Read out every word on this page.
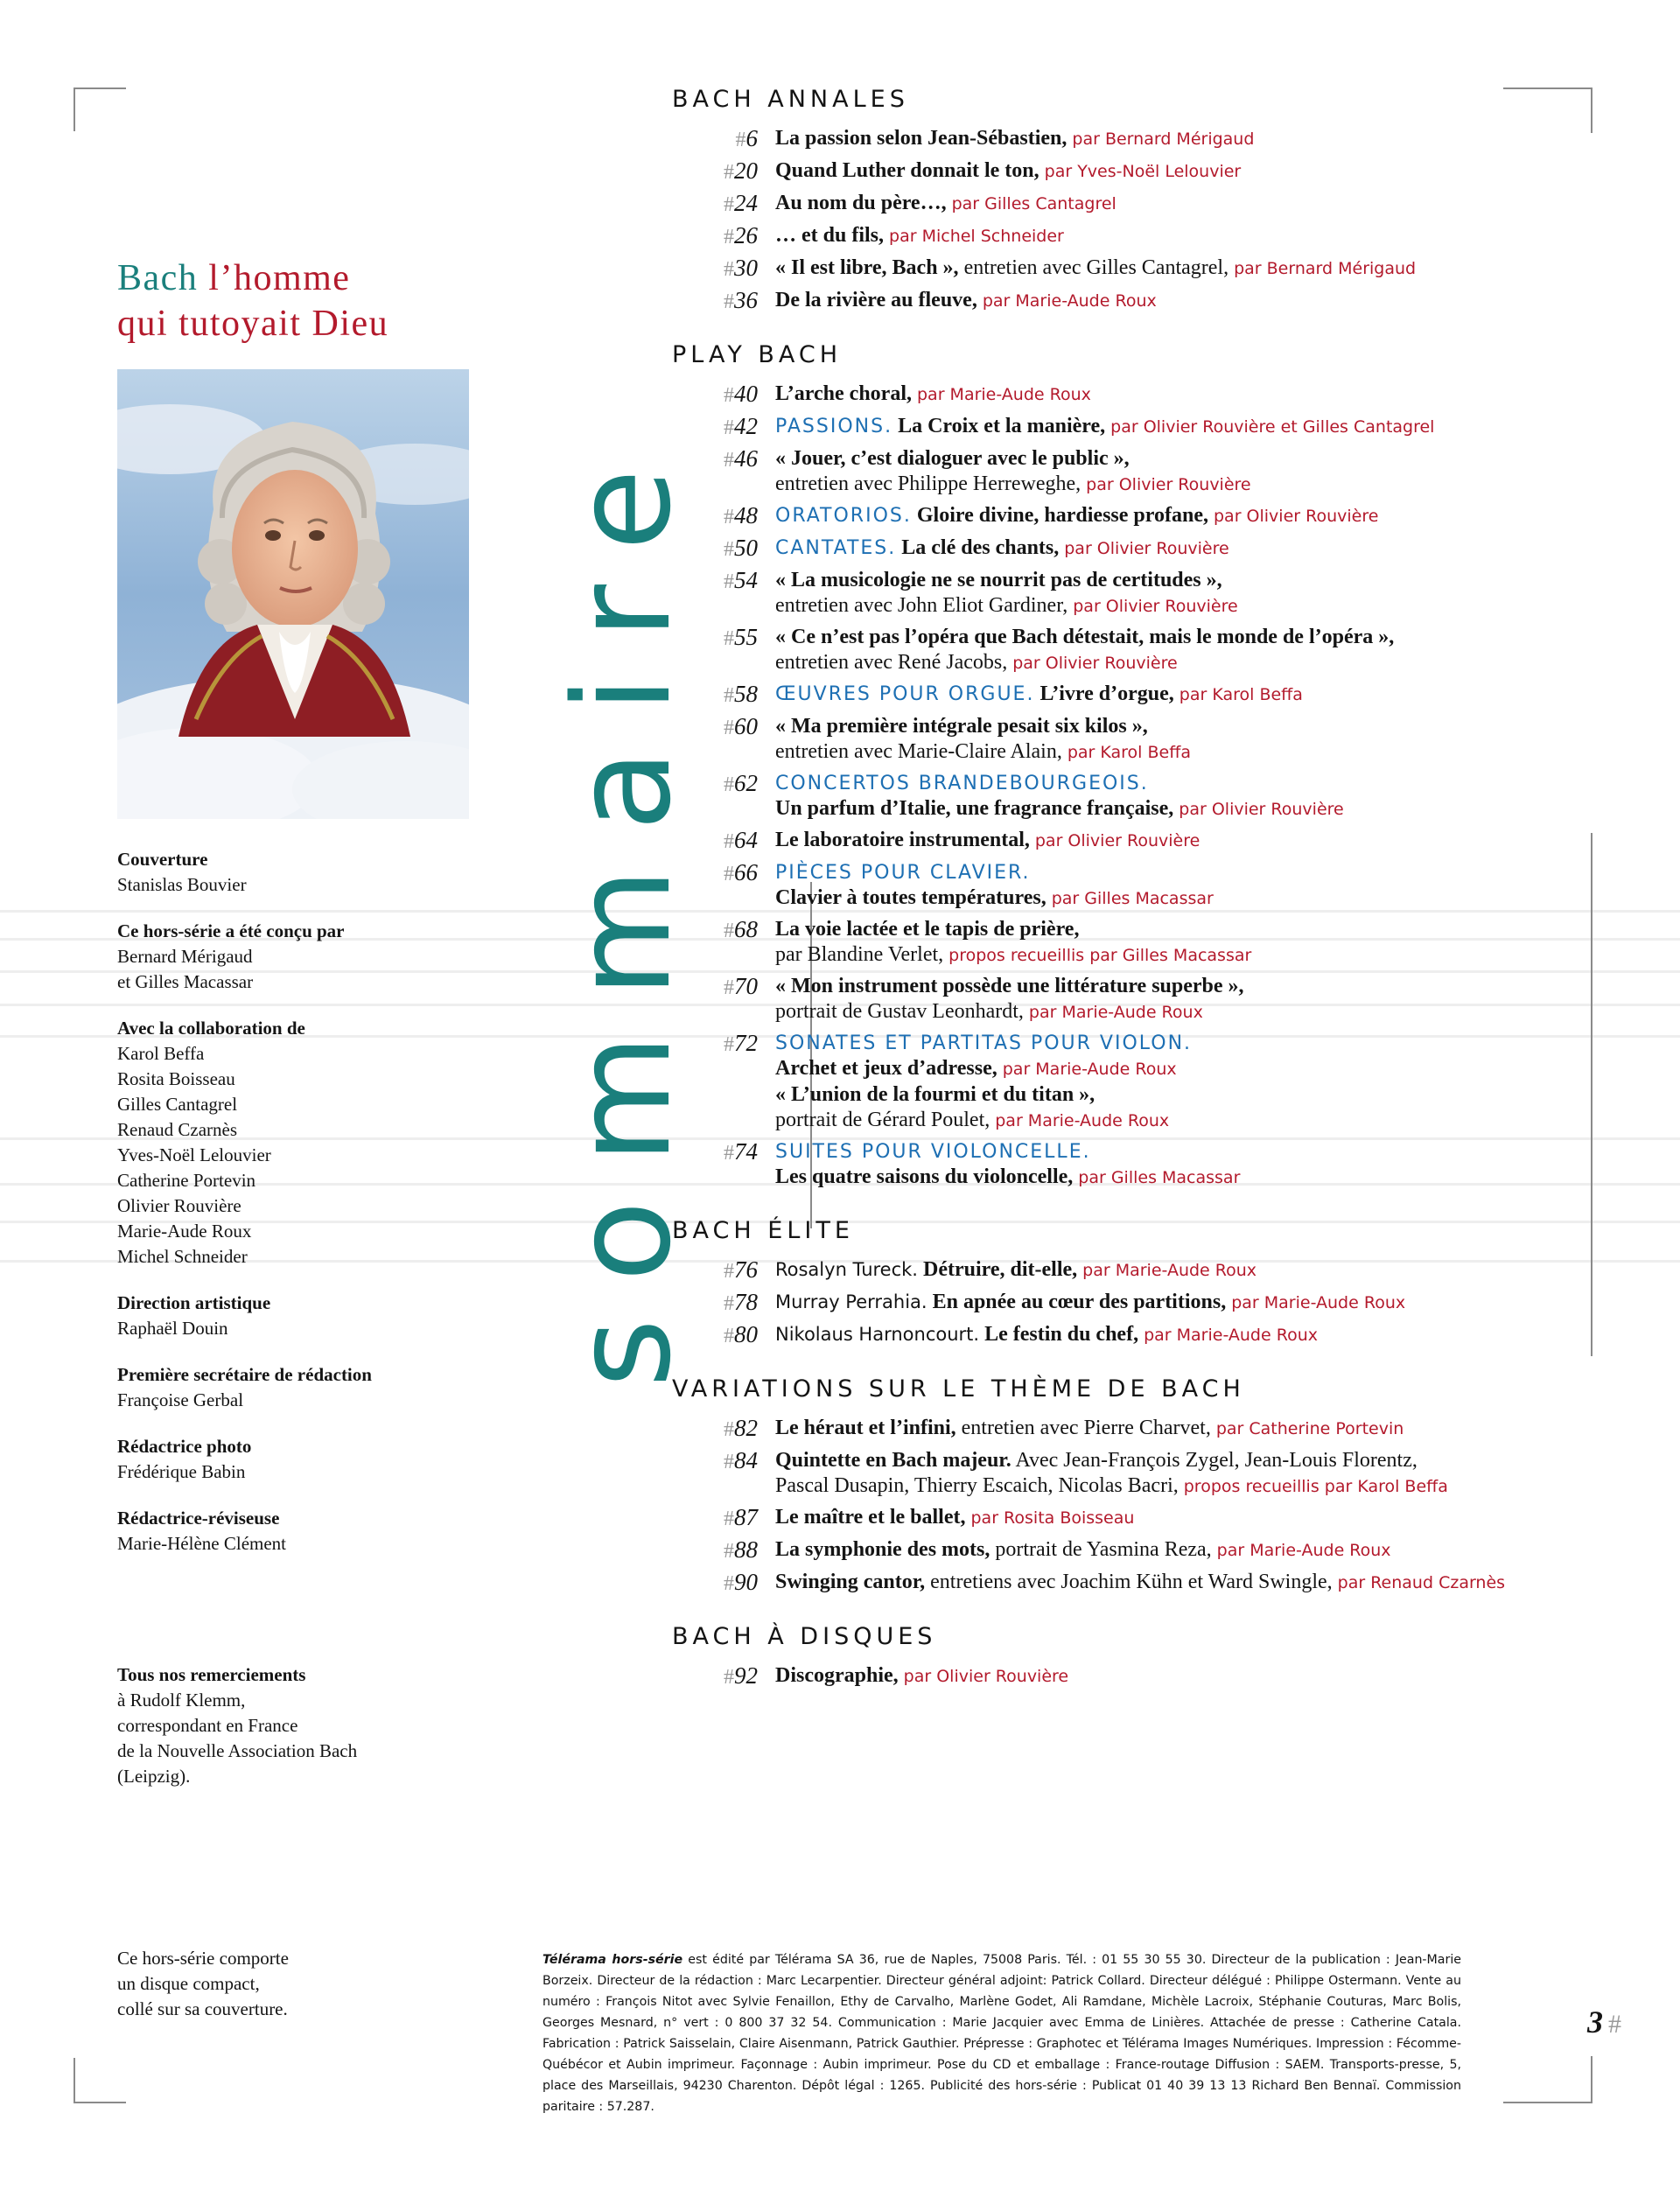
Bach l’homme
qui tutoyait Dieu
Couverture
Stanislas Bouvier
Ce hors-série a été conçu par
Bernard Mérigaud
et Gilles Macassar
Avec la collaboration de
Karol Beffa
Rosita Boisseau
Gilles Cantagrel
Renaud Czarnès
Yves-Noël Lelouvier
Catherine Portevin
Olivier Rouvière
Marie-Aude Roux
Michel Schneider
Direction artistique
Raphaël Douin
Première secrétaire de rédaction
Françoise Gerbal
Rédactrice photo
Frédérique Babin
Rédactrice-réviseuse
Marie-Hélène Clément
Tous nos remerciements
à Rudolf Klemm,
correspondant en France
de la Nouvelle Association Bach
(Leipzig).
Ce hors-série comporte
un disque compact,
collé sur sa couverture.
sommaire
BACH ANNALES
#6 La passion selon Jean-Sébastien, par Bernard Mérigaud
#20 Quand Luther donnait le ton, par Yves-Noël Lelouvier
#24 Au nom du père…, par Gilles Cantagrel
#26 … et du fils, par Michel Schneider
#30 « Il est libre, Bach », entretien avec Gilles Cantagrel, par Bernard Mérigaud
#36 De la rivière au fleuve, par Marie-Aude Roux
PLAY BACH
#40 L’arche choral, par Marie-Aude Roux
#42 PASSIONS. La Croix et la manière, par Olivier Rouvière et Gilles Cantagrel
#46 « Jouer, c’est dialoguer avec le public »,
entretien avec Philippe Herreweghe, par Olivier Rouvière
#48 ORATORIOS. Gloire divine, hardiesse profane, par Olivier Rouvière
#50 CANTATES. La clé des chants, par Olivier Rouvière
#54 « La musicologie ne se nourrit pas de certitudes »,
entretien avec John Eliot Gardiner, par Olivier Rouvière
#55 « Ce n’est pas l’opéra que Bach détestait, mais le monde de l’opéra »,
entretien avec René Jacobs, par Olivier Rouvière
#58 ŒUVRES POUR ORGUE. L’ivre d’orgue, par Karol Beffa
#60 « Ma première intégrale pesait six kilos »,
entretien avec Marie-Claire Alain, par Karol Beffa
#62 CONCERTOS BRANDEBOURGEOIS.
Un parfum d’Italie, une fragrance française, par Olivier Rouvière
#64 Le laboratoire instrumental, par Olivier Rouvière
#66 PIÈCES POUR CLAVIER.
Clavier à toutes températures, par Gilles Macassar
#68 La voie lactée et le tapis de prière,
par Blandine Verlet, propos recueillis par Gilles Macassar
#70 « Mon instrument possède une littérature superbe »,
portrait de Gustav Leonhardt, par Marie-Aude Roux
#72 SONATES ET PARTITAS POUR VIOLON.
Archet et jeux d’adresse, par Marie-Aude Roux
« L’union de la fourmi et du titan »,
portrait de Gérard Poulet, par Marie-Aude Roux
#74 SUITES POUR VIOLONCELLE.
Les quatre saisons du violoncelle, par Gilles Macassar
BACH ÉLITE
#76 Rosalyn Tureck. Détruire, dit-elle, par Marie-Aude Roux
#78 Murray Perrahia. En apnée au cœur des partitions, par Marie-Aude Roux
#80 Nikolaus Harnoncourt. Le festin du chef, par Marie-Aude Roux
VARIATIONS SUR LE THÈME DE BACH
#82 Le héraut et l’infini, entretien avec Pierre Charvet, par Catherine Portevin
#84 Quintette en Bach majeur. Avec Jean-François Zygel, Jean-Louis Florentz,
Pascal Dusapin, Thierry Escaich, Nicolas Bacri, propos recueillis par Karol Beffa
#87 Le maître et le ballet, par Rosita Boisseau
#88 La symphonie des mots, portrait de Yasmina Reza, par Marie-Aude Roux
#90 Swinging cantor, entretiens avec Joachim Kühn et Ward Swingle, par Renaud Czarnès
BACH À DISQUES
#92 Discographie, par Olivier Rouvière
Télérama hors-série est édité par Télérama SA 36, rue de Naples, 75008 Paris. Tél. : 01 55 30 55 30. Directeur de la publication : Jean-Marie Borzeix. Directeur de la rédaction : Marc Lecarpentier. Directeur général adjoint: Patrick Collard. Directeur délégué : Philippe Ostermann. Vente au numéro : François Nitot avec Sylvie Fenaillon, Ethy de Carvalho, Marlène Godet, Ali Ramdane, Michèle Lacroix, Stéphanie Couturas, Marc Bolis, Georges Mesnard, n° vert : 0 800 37 32 54. Communication : Marie Jacquier avec Emma de Linières. Attachée de presse : Catherine Catala. Fabrication : Patrick Saisselain, Claire Aisenmann, Patrick Gauthier. Prépresse : Graphotec et Télérama Images Numériques. Impression : Fécomme-Québécor et Aubin imprimeur. Façonnage : Aubin imprimeur. Pose du CD et emballage : France-routage Diffusion : SAEM. Transports-presse, 5, place des Marseillais, 94230 Charenton. Dépôt légal : 1265. Publicité des hors-série : Publicat 01 40 39 13 13 Richard Ben Bennaï. Commission paritaire : 57.287.
3 #
